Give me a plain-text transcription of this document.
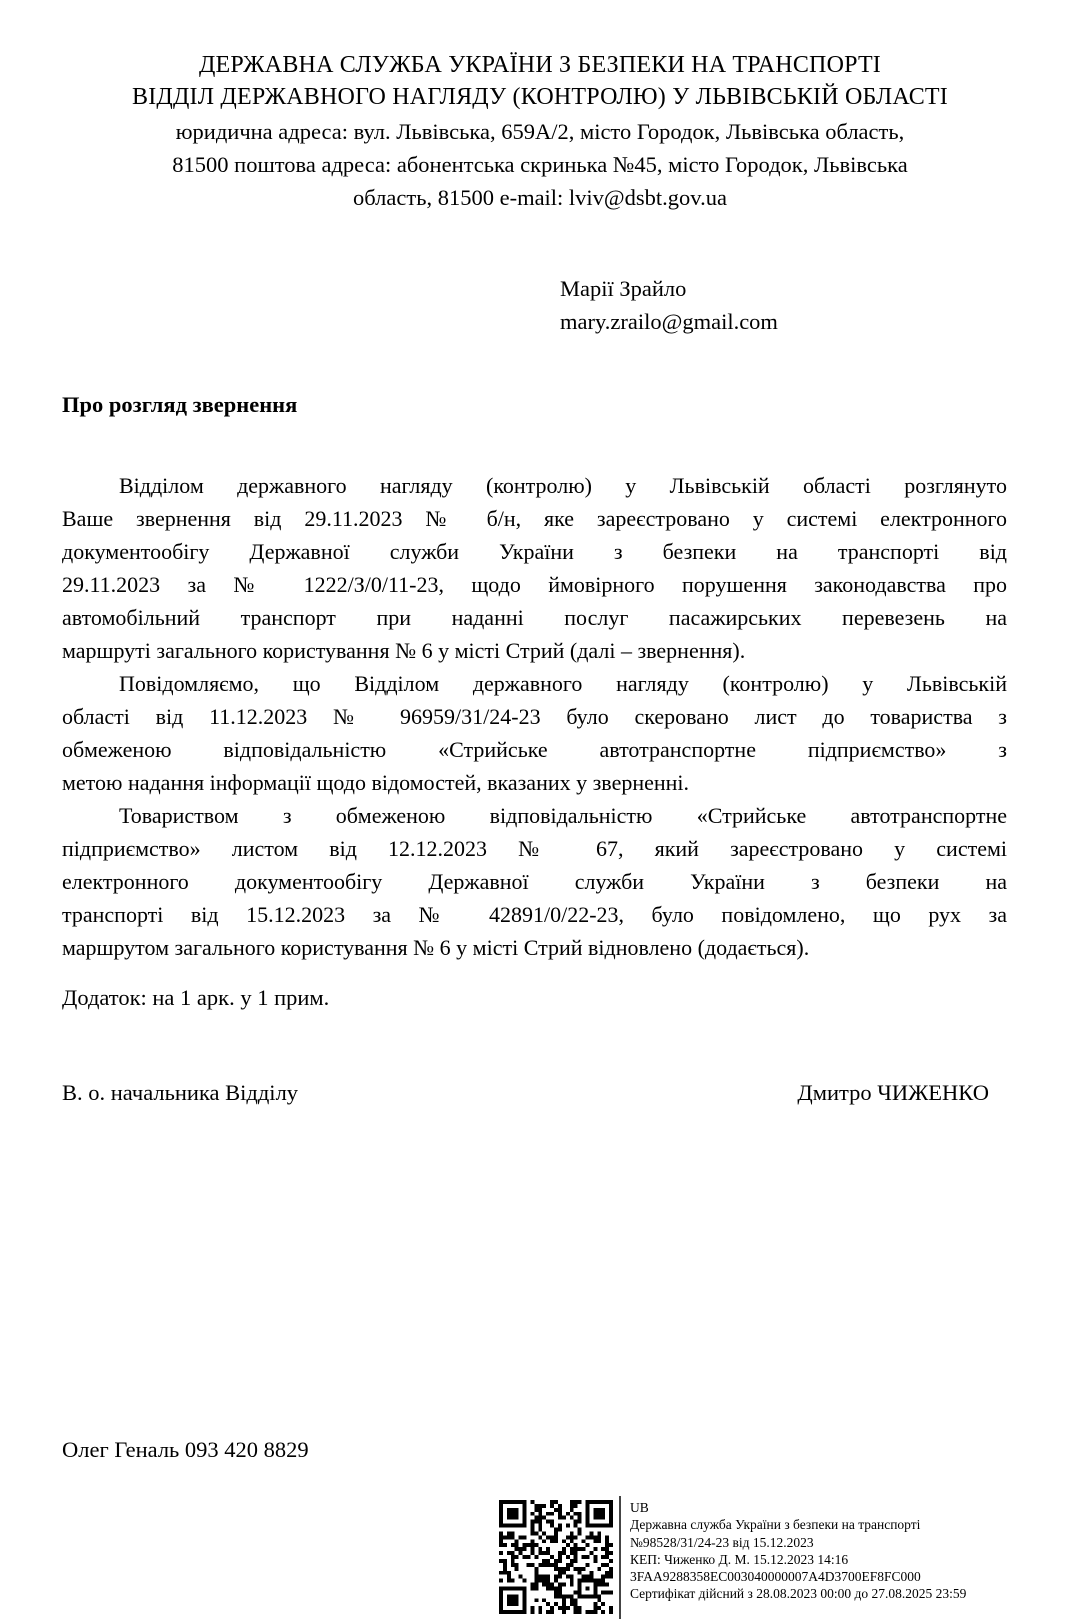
ДЕРЖАВНА СЛУЖБА УКРАЇНИ З БЕЗПЕКИ НА ТРАНСПОРТІ
ВІДДІЛ ДЕРЖАВНОГО НАГЛЯДУ (КОНТРОЛЮ) У ЛЬВІВСЬКІЙ ОБЛАСТІ
юридична адреса: вул. Львівська, 659А/2, місто Городок, Львівська область,
81500 поштова адреса: абонентська скринька №45, місто Городок, Львівська
область, 81500 e-mail: lviv@dsbt.gov.ua
Марії Зрайло
mary.zrailo@gmail.com
Про розгляд звернення
Відділом державного нагляду (контролю) у Львівській області розглянуто
Ваше звернення від 29.11.2023 № б/н, яке зареєстровано у системі електронного
документообігу Державної служби України з безпеки на транспорті від
29.11.2023 за № 1222/З/0/11-23, щодо ймовірного порушення законодавства про
автомобільний транспорт при наданні послуг пасажирських перевезень на
маршруті загального користування № 6 у місті Стрий (далі – звернення).
Повідомляємо, що Відділом державного нагляду (контролю) у Львівській
області від 11.12.2023 № 96959/31/24-23 було скеровано лист до товариства з
обмеженою відповідальністю «Стрийське автотранспортне підприємство» з
метою надання інформації щодо відомостей, вказаних у зверненні.
Товариством з обмеженою відповідальністю «Стрийське автотранспортне
підприємство» листом від 12.12.2023 № 67, який зареєстровано у системі
електронного документообігу Державної служби України з безпеки на
транспорті від 15.12.2023 за № 42891/0/22-23, було повідомлено, що рух за
маршрутом загального користування № 6 у місті Стрий відновлено (додається).
Додаток: на 1 арк. у 1 прим.
В. о. начальника Відділу	Дмитро ЧИЖЕНКО
Олег Геналь 093 420 8829
UB
Державна служба України з безпеки на транспорті
№98528/31/24-23 від 15.12.2023
КЕП: Чиженко Д. М. 15.12.2023 14:16
3FAA9288358EC003040000007A4D3700EF8FC000
Сертифікат дійсний з 28.08.2023 00:00 до 27.08.2025 23:59
